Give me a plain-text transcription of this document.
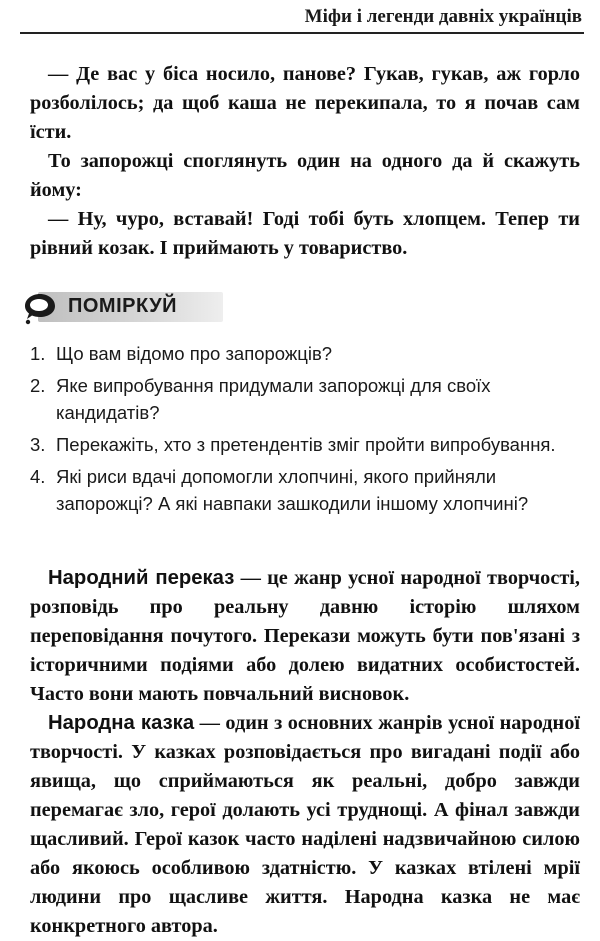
Міфи і легенди давніх українців

— Де вас у біса носило, панове? Гукав, гукав, аж горло розболілось; да щоб каша не перекипала, то я почав сам їсти.

То запорожці споглянуть один на одного да й скажуть йому:

— Ну, чуро, вставай! Годі тобі буть хлопцем. Тепер ти рівний козак. І приймають у товариство.

ПОМІРКУЙ
1. Що вам відомо про запорожців?
2. Яке випробування придумали запорожці для своїх кандидатів?
3. Перекажіть, хто з претендентів зміг пройти випробування.
4. Які риси вдачі допомогли хлопчині, якого прийняли запорожці? А які навпаки зашкодили іншому хлопчині?

Народний переказ — це жанр усної народної творчості, розповідь про реальну давню історію шляхом переповідання почутого. Перекази можуть бути пов'язані з історичними подіями або долею видатних особистостей. Часто вони мають повчальний висновок.

Народна казка — один з основних жанрів усної народної творчості. У казках розповідається про вигадані події або явища, що сприймаються як реальні, добро завжди перемагає зло, герої долають усі труднощі. А фінал завжди щасливий. Герої казок часто наділені надзвичайною силою або якоюсь особливою здатністю. У казках втілені мрії людини про щасливе життя. Народна казка не має конкретного автора.
